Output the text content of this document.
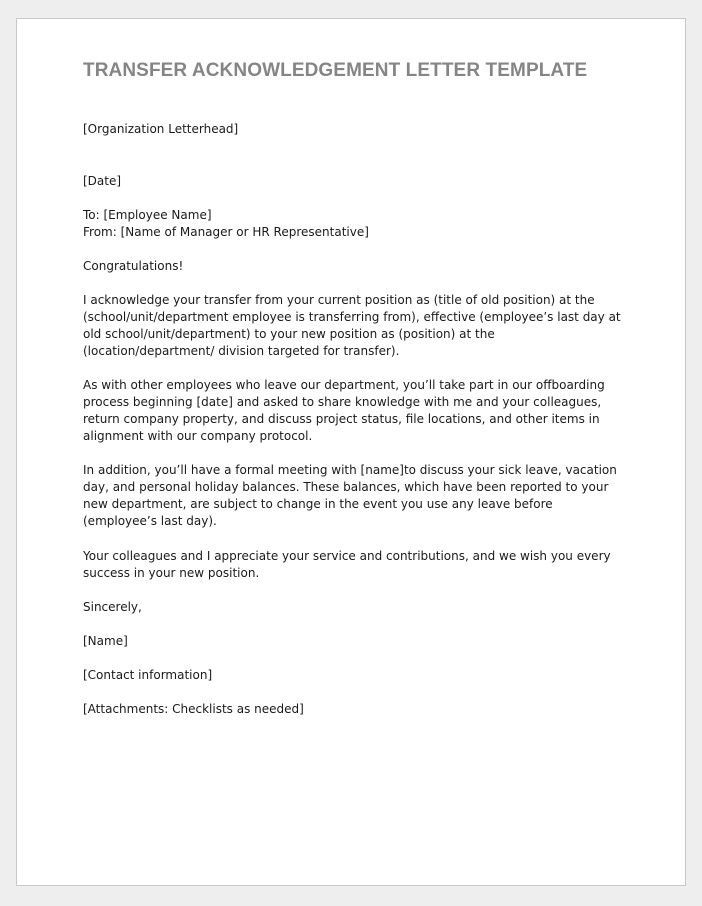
TRANSFER ACKNOWLEDGEMENT LETTER TEMPLATE

[Organization Letterhead]

[Date]

To: [Employee Name]

From: [Name of Manager or HR Representative]

Congratulations!

I acknowledge your transfer from your current position as (title of old position) at the
(school/unit/department employee is transferring from), effective (employee’s last day at
old school/unit/department) to your new position as (position) at the
(location/department/ division targeted for transfer).

As with other employees who leave our department, you’ll take part in our offboarding
process beginning [date] and asked to share knowledge with me and your colleagues,
return company property, and discuss project status, file locations, and other items in
alignment with our company protocol.

In addition, you’ll have a formal meeting with [name]to discuss your sick leave, vacation
day, and personal holiday balances. These balances, which have been reported to your
new department, are subject to change in the event you use any leave before
(employee’s last day).

Your colleagues and I appreciate your service and contributions, and we wish you every
success in your new position.

Sincerely,

[Name]

[Contact information]

[Attachments: Checklists as needed]
